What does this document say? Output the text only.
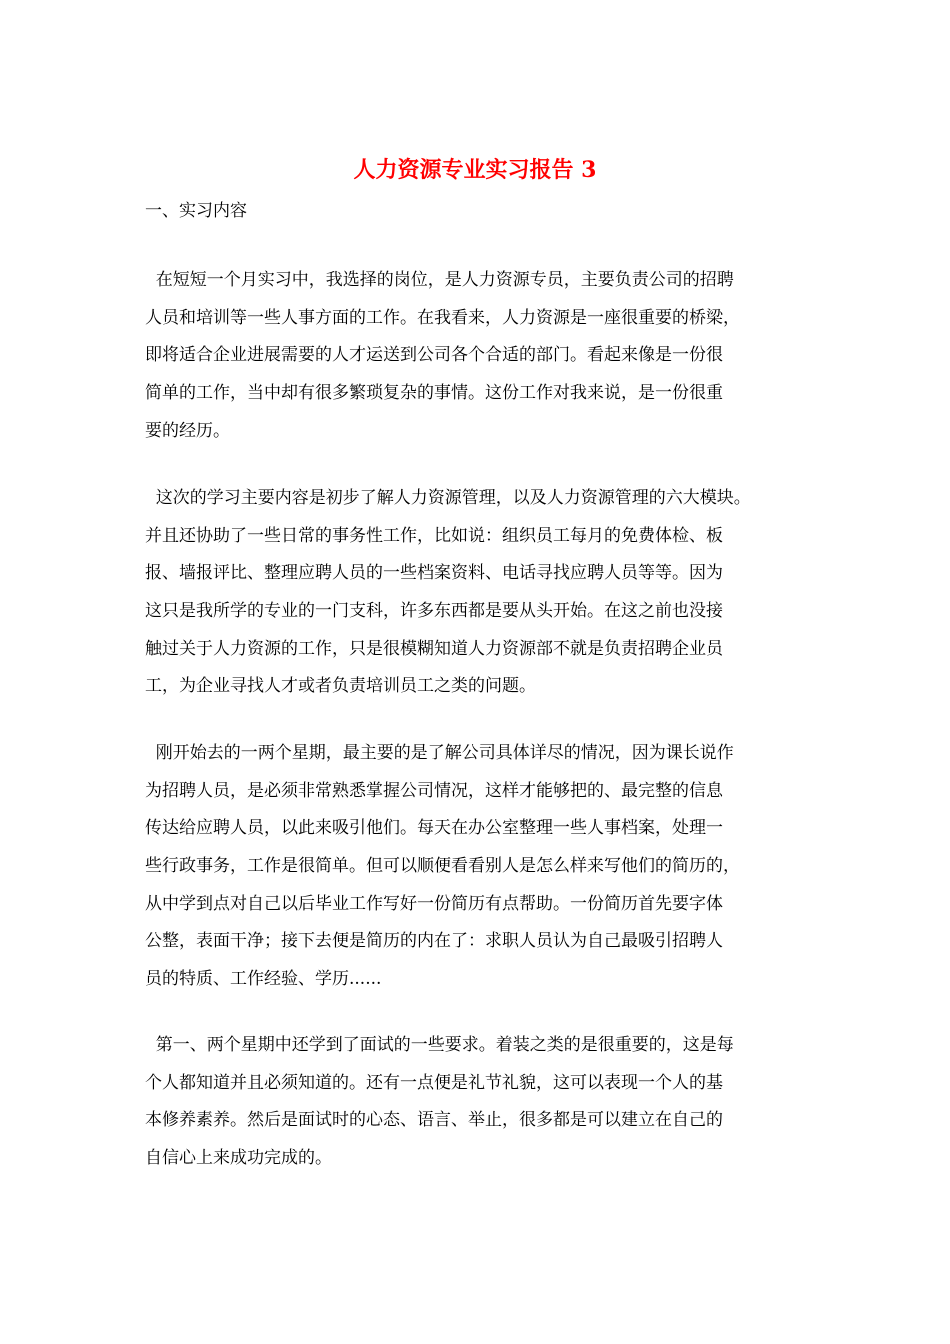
人力资源专业实习报告 3
一、实习内容
在短短一个月实习中，我选择的岗位，是人力资源专员，主要负责公司的招聘
人员和培训等一些人事方面的工作。在我看来，人力资源是一座很重要的桥梁，
即将适合企业进展需要的人才运送到公司各个合适的部门。看起来像是一份很
简单的工作，当中却有很多繁琐复杂的事情。这份工作对我来说，是一份很重
要的经历。
这次的学习主要内容是初步了解人力资源管理，以及人力资源管理的六大模块。
并且还协助了一些日常的事务性工作，比如说：组织员工每月的免费体检、板
报、墙报评比、整理应聘人员的一些档案资料、电话寻找应聘人员等等。因为
这只是我所学的专业的一门支科，许多东西都是要从头开始。在这之前也没接
触过关于人力资源的工作，只是很模糊知道人力资源部不就是负责招聘企业员
工，为企业寻找人才或者负责培训员工之类的问题。
刚开始去的一两个星期，最主要的是了解公司具体详尽的情况，因为课长说作
为招聘人员，是必须非常熟悉掌握公司情况，这样才能够把的、最完整的信息
传达给应聘人员，以此来吸引他们。每天在办公室整理一些人事档案，处理一
些行政事务，工作是很简单。但可以顺便看看别人是怎么样来写他们的简历的，
从中学到点对自己以后毕业工作写好一份简历有点帮助。一份简历首先要字体
公整，表面干净；接下去便是简历的内在了：求职人员认为自己最吸引招聘人
员的特质、工作经验、学历......
第一、两个星期中还学到了面试的一些要求。着装之类的是很重要的，这是每
个人都知道并且必须知道的。还有一点便是礼节礼貌，这可以表现一个人的基
本修养素养。然后是面试时的心态、语言、举止，很多都是可以建立在自己的
自信心上来成功完成的。
